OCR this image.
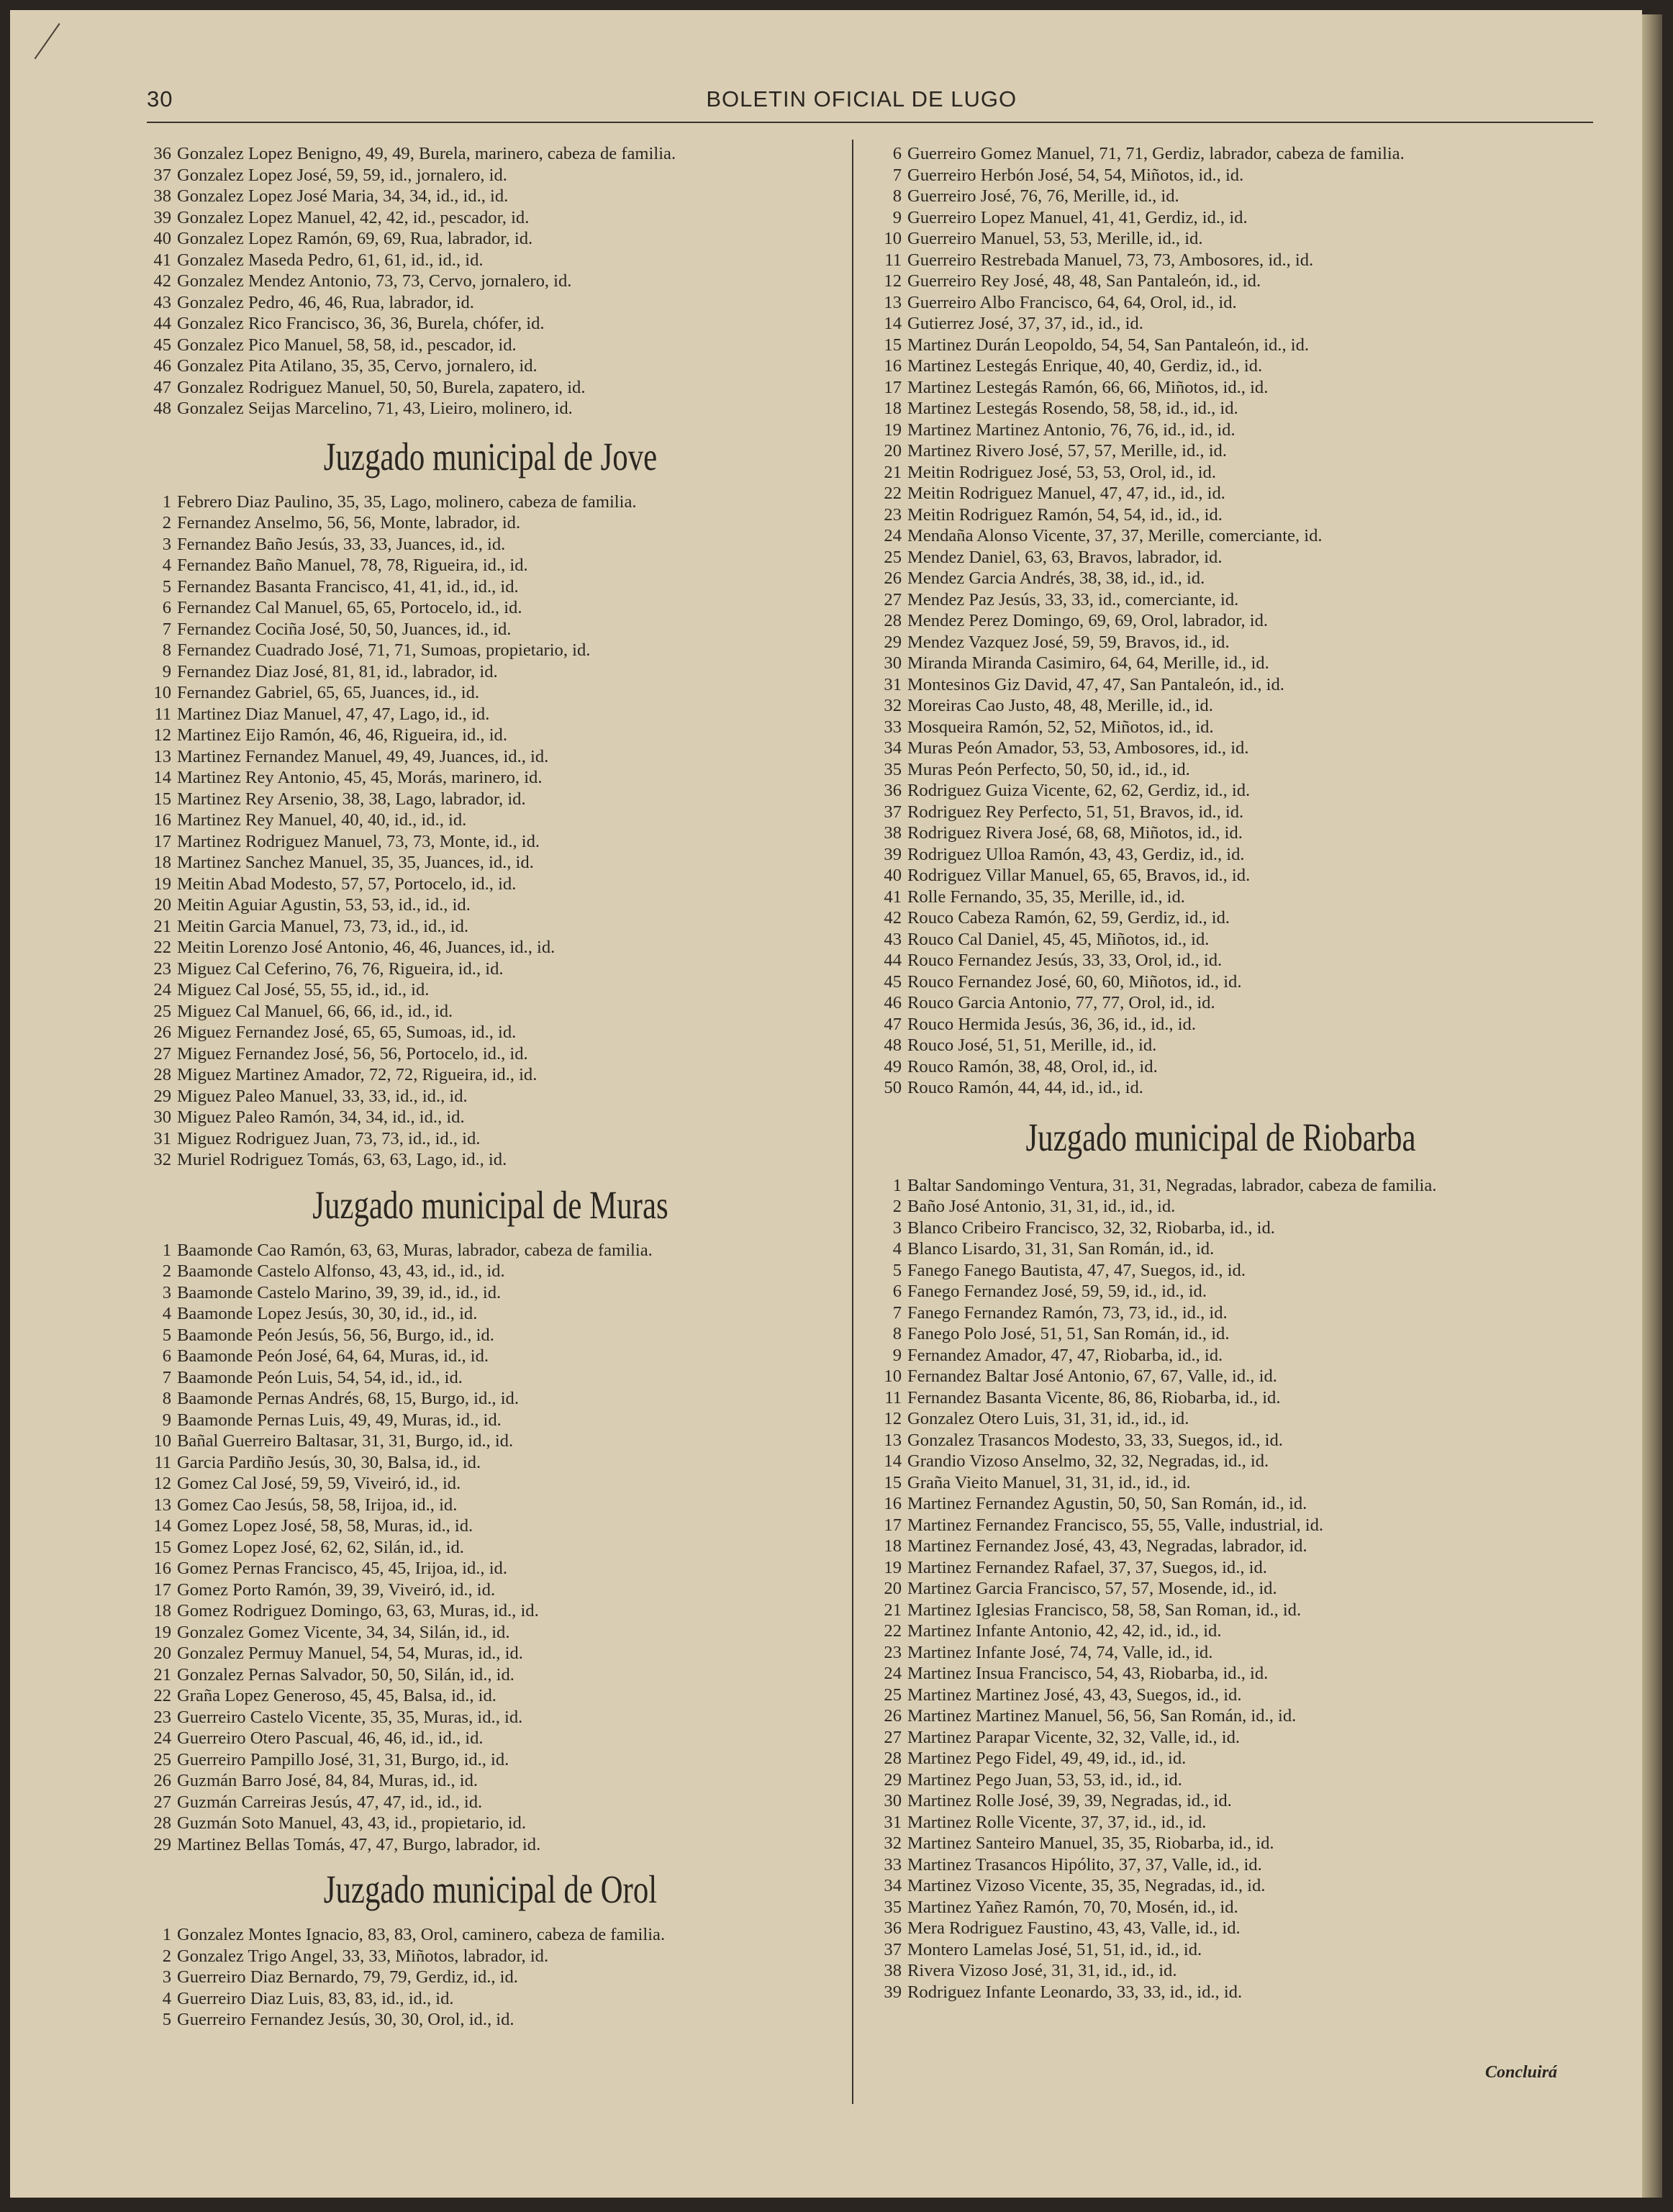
30	BOLETIN OFICIAL DE LUGO
36 Gonzalez Lopez Benigno, 49, 49, Burela, marinero, cabeza de familia.
37 Gonzalez Lopez José, 59, 59, id., jornalero, id.
38 Gonzalez Lopez José Maria, 34, 34, id., id., id.
39 Gonzalez Lopez Manuel, 42, 42, id., pescador, id.
40 Gonzalez Lopez Ramón, 69, 69, Rua, labrador, id.
41 Gonzalez Maseda Pedro, 61, 61, id., id., id.
42 Gonzalez Mendez Antonio, 73, 73, Cervo, jornalero, id.
43 Gonzalez Pedro, 46, 46, Rua, labrador, id.
44 Gonzalez Rico Francisco, 36, 36, Burela, chófer, id.
45 Gonzalez Pico Manuel, 58, 58, id., pescador, id.
46 Gonzalez Pita Atilano, 35, 35, Cervo, jornalero, id.
47 Gonzalez Rodriguez Manuel, 50, 50, Burela, zapatero, id.
48 Gonzalez Seijas Marcelino, 71, 43, Lieiro, molinero, id.
Juzgado municipal de Jove
1 Febrero Diaz Paulino, 35, 35, Lago, molinero, cabeza de familia.
2 Fernandez Anselmo, 56, 56, Monte, labrador, id.
3 Fernandez Baño Jesús, 33, 33, Juances, id., id.
4 Fernandez Baño Manuel, 78, 78, Rigueira, id., id.
5 Fernandez Basanta Francisco, 41, 41, id., id., id.
6 Fernandez Cal Manuel, 65, 65, Portocelo, id., id.
7 Fernandez Cociña José, 50, 50, Juances, id., id.
8 Fernandez Cuadrado José, 71, 71, Sumoas, propietario, id.
9 Fernandez Diaz José, 81, 81, id., labrador, id.
10 Fernandez Gabriel, 65, 65, Juances, id., id.
11 Martinez Diaz Manuel, 47, 47, Lago, id., id.
12 Martinez Eijo Ramón, 46, 46, Rigueira, id., id.
13 Martinez Fernandez Manuel, 49, 49, Juances, id., id.
14 Martinez Rey Antonio, 45, 45, Morás, marinero, id.
15 Martinez Rey Arsenio, 38, 38, Lago, labrador, id.
16 Martinez Rey Manuel, 40, 40, id., id., id.
17 Martinez Rodriguez Manuel, 73, 73, Monte, id., id.
18 Martinez Sanchez Manuel, 35, 35, Juances, id., id.
19 Meitin Abad Modesto, 57, 57, Portocelo, id., id.
20 Meitin Aguiar Agustin, 53, 53, id., id., id.
21 Meitin Garcia Manuel, 73, 73, id., id., id.
22 Meitin Lorenzo José Antonio, 46, 46, Juances, id., id.
23 Miguez Cal Ceferino, 76, 76, Rigueira, id., id.
24 Miguez Cal José, 55, 55, id., id., id.
25 Miguez Cal Manuel, 66, 66, id., id., id.
26 Miguez Fernandez José, 65, 65, Sumoas, id., id.
27 Miguez Fernandez José, 56, 56, Portocelo, id., id.
28 Miguez Martinez Amador, 72, 72, Rigueira, id., id.
29 Miguez Paleo Manuel, 33, 33, id., id., id.
30 Miguez Paleo Ramón, 34, 34, id., id., id.
31 Miguez Rodriguez Juan, 73, 73, id., id., id.
32 Muriel Rodriguez Tomás, 63, 63, Lago, id., id.
Juzgado municipal de Muras
1 Baamonde Cao Ramón, 63, 63, Muras, labrador, cabeza de familia.
2 Baamonde Castelo Alfonso, 43, 43, id., id., id.
3 Baamonde Castelo Marino, 39, 39, id., id., id.
4 Baamonde Lopez Jesús, 30, 30, id., id., id.
5 Baamonde Peón Jesús, 56, 56, Burgo, id., id.
6 Baamonde Peón José, 64, 64, Muras, id., id.
7 Baamonde Peón Luis, 54, 54, id., id., id.
8 Baamonde Pernas Andrés, 68, 15, Burgo, id., id.
9 Baamonde Pernas Luis, 49, 49, Muras, id., id.
10 Bañal Guerreiro Baltasar, 31, 31, Burgo, id., id.
11 Garcia Pardiño Jesús, 30, 30, Balsa, id., id.
12 Gomez Cal José, 59, 59, Viveiró, id., id.
13 Gomez Cao Jesús, 58, 58, Irijoa, id., id.
14 Gomez Lopez José, 58, 58, Muras, id., id.
15 Gomez Lopez José, 62, 62, Silán, id., id.
16 Gomez Pernas Francisco, 45, 45, Irijoa, id., id.
17 Gomez Porto Ramón, 39, 39, Viveiró, id., id.
18 Gomez Rodriguez Domingo, 63, 63, Muras, id., id.
19 Gonzalez Gomez Vicente, 34, 34, Silán, id., id.
20 Gonzalez Permuy Manuel, 54, 54, Muras, id., id.
21 Gonzalez Pernas Salvador, 50, 50, Silán, id., id.
22 Graña Lopez Generoso, 45, 45, Balsa, id., id.
23 Guerreiro Castelo Vicente, 35, 35, Muras, id., id.
24 Guerreiro Otero Pascual, 46, 46, id., id., id.
25 Guerreiro Pampillo José, 31, 31, Burgo, id., id.
26 Guzmán Barro José, 84, 84, Muras, id., id.
27 Guzmán Carreiras Jesús, 47, 47, id., id., id.
28 Guzmán Soto Manuel, 43, 43, id., propietario, id.
29 Martinez Bellas Tomás, 47, 47, Burgo, labrador, id.
Juzgado municipal de Orol
1 Gonzalez Montes Ignacio, 83, 83, Orol, caminero, cabeza de familia.
2 Gonzalez Trigo Angel, 33, 33, Miñotos, labrador, id.
3 Guerreiro Diaz Bernardo, 79, 79, Gerdiz, id., id.
4 Guerreiro Diaz Luis, 83, 83, id., id., id.
5 Guerreiro Fernandez Jesús, 30, 30, Orol, id., id.
6 Guerreiro Gomez Manuel, 71, 71, Gerdiz, labrador, cabeza de familia.
7 Guerreiro Herbón José, 54, 54, Miñotos, id., id.
8 Guerreiro José, 76, 76, Merille, id., id.
9 Guerreiro Lopez Manuel, 41, 41, Gerdiz, id., id.
10 Guerreiro Manuel, 53, 53, Merille, id., id.
11 Guerreiro Restrebada Manuel, 73, 73, Ambosores, id., id.
12 Guerreiro Rey José, 48, 48, San Pantaleón, id., id.
13 Guerreiro Albo Francisco, 64, 64, Orol, id., id.
14 Gutierrez José, 37, 37, id., id., id.
15 Martinez Durán Leopoldo, 54, 54, San Pantaleón, id., id.
16 Martinez Lestegás Enrique, 40, 40, Gerdiz, id., id.
17 Martinez Lestegás Ramón, 66, 66, Miñotos, id., id.
18 Martinez Lestegás Rosendo, 58, 58, id., id., id.
19 Martinez Martinez Antonio, 76, 76, id., id., id.
20 Martinez Rivero José, 57, 57, Merille, id., id.
21 Meitin Rodriguez José, 53, 53, Orol, id., id.
22 Meitin Rodriguez Manuel, 47, 47, id., id., id.
23 Meitin Rodriguez Ramón, 54, 54, id., id., id.
24 Mendaña Alonso Vicente, 37, 37, Merille, comerciante, id.
25 Mendez Daniel, 63, 63, Bravos, labrador, id.
26 Mendez Garcia Andrés, 38, 38, id., id., id.
27 Mendez Paz Jesús, 33, 33, id., comerciante, id.
28 Mendez Perez Domingo, 69, 69, Orol, labrador, id.
29 Mendez Vazquez José, 59, 59, Bravos, id., id.
30 Miranda Miranda Casimiro, 64, 64, Merille, id., id.
31 Montesinos Giz David, 47, 47, San Pantaleón, id., id.
32 Moreiras Cao Justo, 48, 48, Merille, id., id.
33 Mosqueira Ramón, 52, 52, Miñotos, id., id.
34 Muras Peón Amador, 53, 53, Ambosores, id., id.
35 Muras Peón Perfecto, 50, 50, id., id., id.
36 Rodriguez Guiza Vicente, 62, 62, Gerdiz, id., id.
37 Rodriguez Rey Perfecto, 51, 51, Bravos, id., id.
38 Rodriguez Rivera José, 68, 68, Miñotos, id., id.
39 Rodriguez Ulloa Ramón, 43, 43, Gerdiz, id., id.
40 Rodriguez Villar Manuel, 65, 65, Bravos, id., id.
41 Rolle Fernando, 35, 35, Merille, id., id.
42 Rouco Cabeza Ramón, 62, 59, Gerdiz, id., id.
43 Rouco Cal Daniel, 45, 45, Miñotos, id., id.
44 Rouco Fernandez Jesús, 33, 33, Orol, id., id.
45 Rouco Fernandez José, 60, 60, Miñotos, id., id.
46 Rouco Garcia Antonio, 77, 77, Orol, id., id.
47 Rouco Hermida Jesús, 36, 36, id., id., id.
48 Rouco José, 51, 51, Merille, id., id.
49 Rouco Ramón, 38, 48, Orol, id., id.
50 Rouco Ramón, 44, 44, id., id., id.
Juzgado municipal de Riobarba
1 Baltar Sandomingo Ventura, 31, 31, Negradas, labrador, cabeza de familia.
2 Baño José Antonio, 31, 31, id., id., id.
3 Blanco Cribeiro Francisco, 32, 32, Riobarba, id., id.
4 Blanco Lisardo, 31, 31, San Román, id., id.
5 Fanego Fanego Bautista, 47, 47, Suegos, id., id.
6 Fanego Fernandez José, 59, 59, id., id., id.
7 Fanego Fernandez Ramón, 73, 73, id., id., id.
8 Fanego Polo José, 51, 51, San Román, id., id.
9 Fernandez Amador, 47, 47, Riobarba, id., id.
10 Fernandez Baltar José Antonio, 67, 67, Valle, id., id.
11 Fernandez Basanta Vicente, 86, 86, Riobarba, id., id.
12 Gonzalez Otero Luis, 31, 31, id., id., id.
13 Gonzalez Trasancos Modesto, 33, 33, Suegos, id., id.
14 Grandio Vizoso Anselmo, 32, 32, Negradas, id., id.
15 Graña Vieito Manuel, 31, 31, id., id., id.
16 Martinez Fernandez Agustin, 50, 50, San Román, id., id.
17 Martinez Fernandez Francisco, 55, 55, Valle, industrial, id.
18 Martinez Fernandez José, 43, 43, Negradas, labrador, id.
19 Martinez Fernandez Rafael, 37, 37, Suegos, id., id.
20 Martinez Garcia Francisco, 57, 57, Mosende, id., id.
21 Martinez Iglesias Francisco, 58, 58, San Roman, id., id.
22 Martinez Infante Antonio, 42, 42, id., id., id.
23 Martinez Infante José, 74, 74, Valle, id., id.
24 Martinez Insua Francisco, 54, 43, Riobarba, id., id.
25 Martinez Martinez José, 43, 43, Suegos, id., id.
26 Martinez Martinez Manuel, 56, 56, San Román, id., id.
27 Martinez Parapar Vicente, 32, 32, Valle, id., id.
28 Martinez Pego Fidel, 49, 49, id., id., id.
29 Martinez Pego Juan, 53, 53, id., id., id.
30 Martinez Rolle José, 39, 39, Negradas, id., id.
31 Martinez Rolle Vicente, 37, 37, id., id., id.
32 Martinez Santeiro Manuel, 35, 35, Riobarba, id., id.
33 Martinez Trasancos Hipólito, 37, 37, Valle, id., id.
34 Martinez Vizoso Vicente, 35, 35, Negradas, id., id.
35 Martinez Yañez Ramón, 70, 70, Mosén, id., id.
36 Mera Rodriguez Faustino, 43, 43, Valle, id., id.
37 Montero Lamelas José, 51, 51, id., id., id.
38 Rivera Vizoso José, 31, 31, id., id., id.
39 Rodriguez Infante Leonardo, 33, 33, id., id., id.
Concluirá
